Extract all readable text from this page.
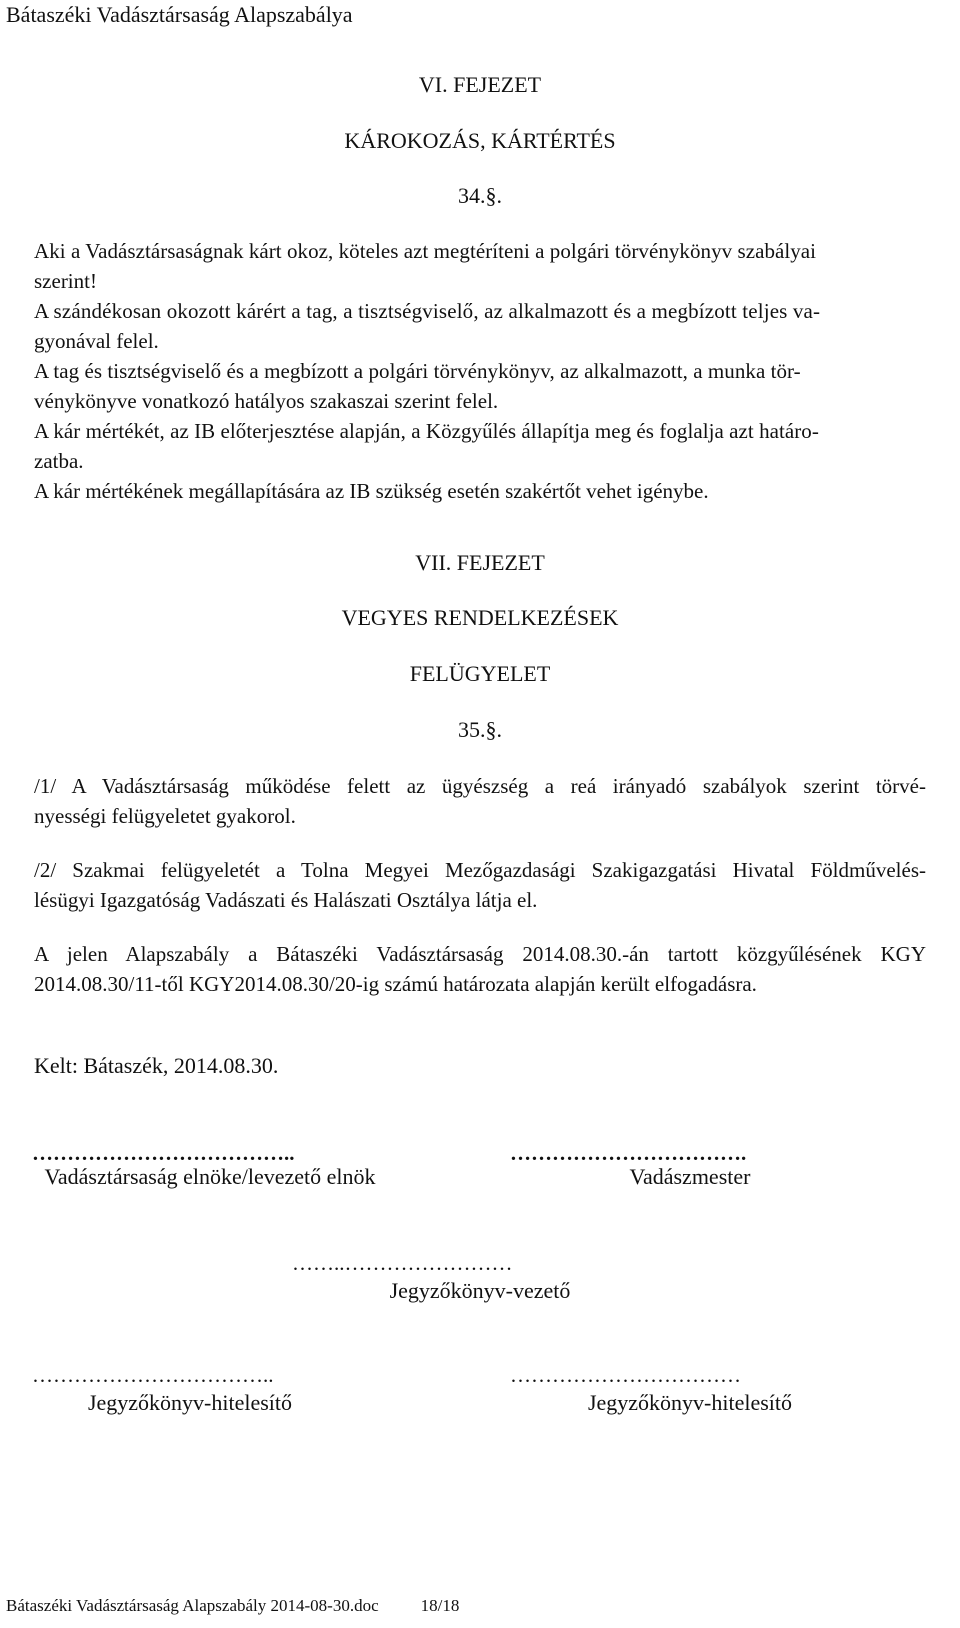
Bátaszéki Vadásztársaság Alapszabálya
VI. FEJEZET
KÁROKOZÁS, KÁRTÉRTÉS
34.§.
Aki a Vadásztársaságnak kárt okoz, köteles azt megtéríteni a polgári törvénykönyv szabályai
szerint!
A szándékosan okozott kárért a tag, a tisztségviselő, az alkalmazott és a megbízott teljes va-
gyonával felel.
A tag és tisztségviselő és a megbízott a polgári törvénykönyv, az alkalmazott, a munka tör-
vénykönyve vonatkozó hatályos szakaszai szerint felel.
A kár mértékét, az IB előterjesztése alapján, a Közgyűlés állapítja meg és foglalja azt határo-
zatba.
A kár mértékének megállapítására az IB szükség esetén szakértőt vehet igénybe.
VII. FEJEZET
VEGYES RENDELKEZÉSEK
FELÜGYELET
35.§.
/1/ A Vadásztársaság működése felett az ügyészség a reá irányadó szabályok szerint törvé-
nyességi felügyeletet gyakorol.
/2/ Szakmai felügyeletét a Tolna Megyei Mezőgazdasági Szakigazgatási Hivatal Földművelés-
lésügyi Igazgatóság Vadászati és Halászati Osztálya látja el.
A jelen Alapszabály a Bátaszéki Vadásztársaság 2014.08.30.-án tartott közgyűlésének KGY
2014.08.30/11-től KGY2014.08.30/20-ig számú határozata alapján került elfogadásra.
Kelt: Bátaszék, 2014.08.30.
………………………………..
Vadásztársaság elnöke/levezető elnök
…………………………….
Vadászmester
……..……………………
Jegyzőkönyv-vezető
……………………………..
Jegyzőkönyv-hitelesítő
……………………………
Jegyzőkönyv-hitelesítő
Bátaszéki Vadásztársaság Alapszabály 2014-08-30.doc 18/18
